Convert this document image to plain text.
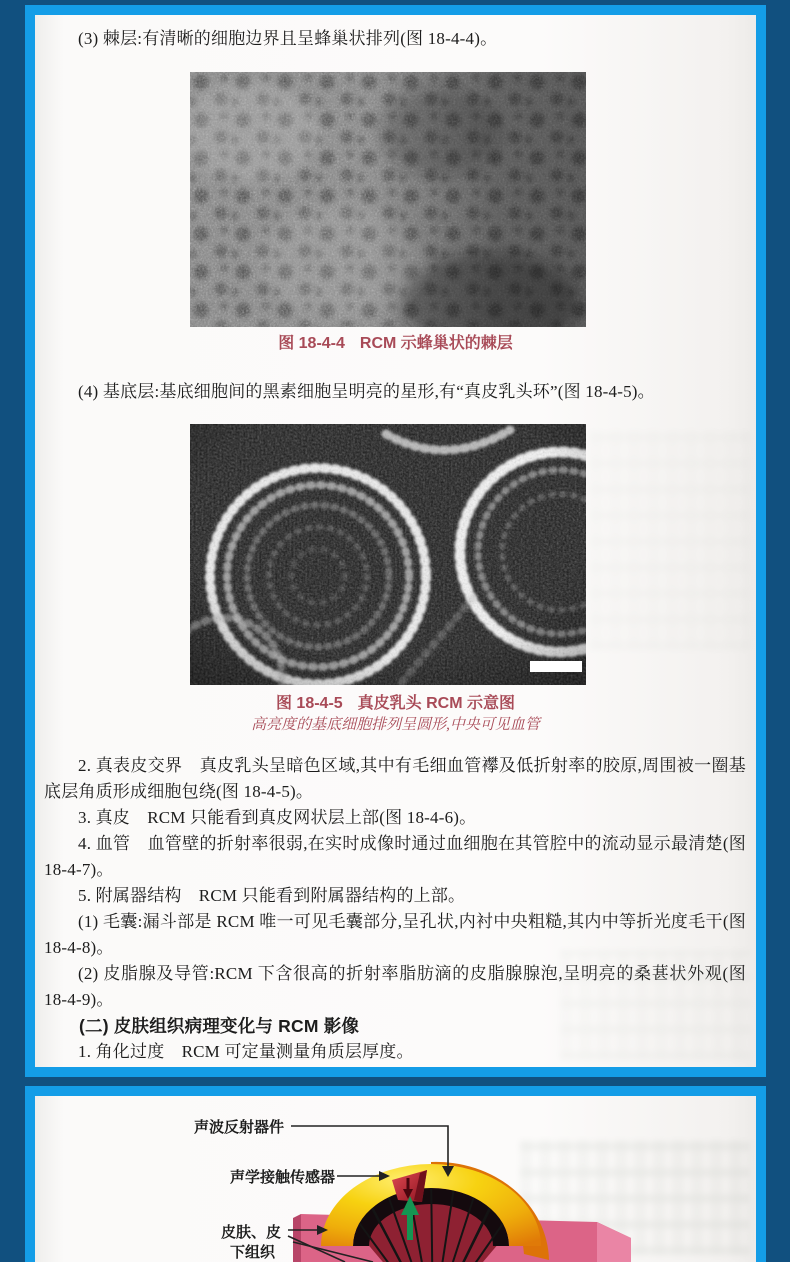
(3) 棘层:有清晰的细胞边界且呈蜂巢状排列(图 18-4-4)。
图 18-4-4 RCM 示蜂巢状的棘层
(4) 基底层:基底细胞间的黑素细胞呈明亮的星形,有“真皮乳头环”(图 18-4-5)。
图 18-4-5 真皮乳头 RCM 示意图
高亮度的基底细胞排列呈圆形,中央可见血管

2. 真表皮交界　真皮乳头呈暗色区域,其中有毛细血管襻及低折射率的胶原,周围被一圈基底层角质形成细胞包绕(图 18-4-5)。

3. 真皮　RCM 只能看到真皮网状层上部(图 18-4-6)。

4. 血管　血管壁的折射率很弱,在实时成像时通过血细胞在其管腔中的流动显示最清楚(图 18-4-7)。

5. 附属器结构　RCM 只能看到附属器结构的上部。

(1) 毛囊:漏斗部是 RCM 唯一可见毛囊部分,呈孔状,内衬中央粗糙,其内中等折光度毛干(图 18-4-8)。

(2) 皮脂腺及导管:RCM 下含很高的折射率脂肪滴的皮脂腺腺泡,呈明亮的桑葚状外观(图 18-4-9)。

(二) 皮肤组织病理变化与 RCM 影像

1. 角化过度　RCM 可定量测量角质层厚度。

声波反射器件
声学接触传感器
皮肤、皮
下组织
